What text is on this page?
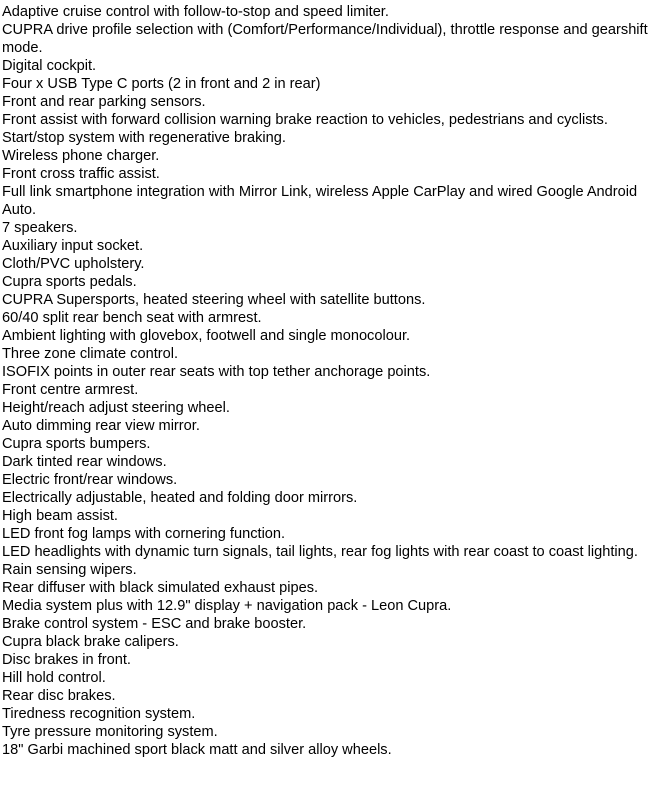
Adaptive cruise control with follow-to-stop and speed limiter.
CUPRA drive profile selection with (Comfort/Performance/Individual), throttle response and gearshift mode.
Digital cockpit.
Four x USB Type C ports (2 in front and 2 in rear)
Front and rear parking sensors.
Front assist with forward collision warning brake reaction to vehicles, pedestrians and cyclists.
Start/stop system with regenerative braking.
Wireless phone charger.
Front cross traffic assist.
Full link smartphone integration with Mirror Link, wireless Apple CarPlay and wired Google Android Auto.
7 speakers.
Auxiliary input socket.
Cloth/PVC upholstery.
Cupra sports pedals.
CUPRA Supersports, heated steering wheel with satellite buttons.
60/40 split rear bench seat with armrest.
Ambient lighting with glovebox, footwell and single monocolour.
Three zone climate control.
ISOFIX points in outer rear seats with top tether anchorage points.
Front centre armrest.
Height/reach adjust steering wheel.
Auto dimming rear view mirror.
Cupra sports bumpers.
Dark tinted rear windows.
Electric front/rear windows.
Electrically adjustable, heated and folding door mirrors.
High beam assist.
LED front fog lamps with cornering function.
LED headlights with dynamic turn signals, tail lights, rear fog lights with rear coast to coast lighting.
Rain sensing wipers.
Rear diffuser with black simulated exhaust pipes.
Media system plus with 12.9" display + navigation pack - Leon Cupra.
Brake control system - ESC and brake booster.
Cupra black brake calipers.
Disc brakes in front.
Hill hold control.
Rear disc brakes.
Tiredness recognition system.
Tyre pressure monitoring system.
18" Garbi machined sport black matt and silver alloy wheels.
